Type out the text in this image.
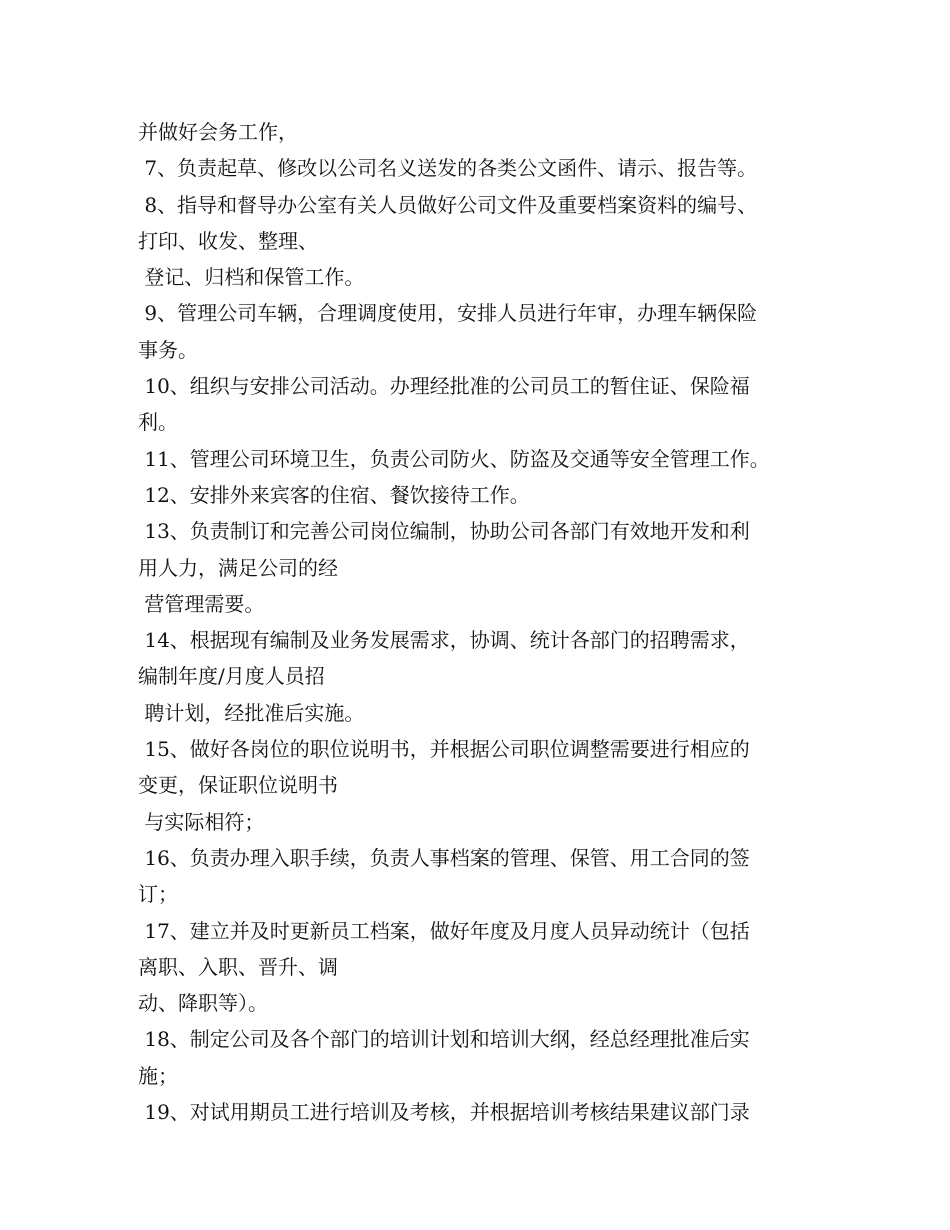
并做好会务工作，
7、负责起草、修改以公司名义送发的各类公文函件、请示、报告等。
8、指导和督导办公室有关人员做好公司文件及重要档案资料的编号、
打印、收发、整理、
登记、归档和保管工作。
9、管理公司车辆，合理调度使用，安排人员进行年审，办理车辆保险
事务。
10、组织与安排公司活动。办理经批准的公司员工的暂住证、保险福
利。
11、管理公司环境卫生，负责公司防火、防盗及交通等安全管理工作。
12、安排外来宾客的住宿、餐饮接待工作。
13、负责制订和完善公司岗位编制，协助公司各部门有效地开发和利
用人力，满足公司的经
营管理需要。
14、根据现有编制及业务发展需求，协调、统计各部门的招聘需求，
编制年度/月度人员招
聘计划，经批准后实施。
15、做好各岗位的职位说明书，并根据公司职位调整需要进行相应的
变更，保证职位说明书
与实际相符；
16、负责办理入职手续，负责人事档案的管理、保管、用工合同的签
订；
17、建立并及时更新员工档案，做好年度及月度人员异动统计（包括
离职、入职、晋升、调
动、降职等）。
18、制定公司及各个部门的培训计划和培训大纲，经总经理批准后实
施；
19、对试用期员工进行培训及考核，并根据培训考核结果建议部门录
